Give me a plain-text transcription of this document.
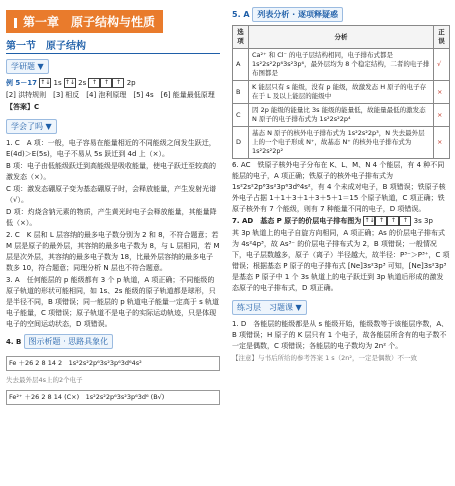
第一章　原子结构与性质
第一节　原子结构
学研题 ▼
例 5－17 ↑↓ 1s ↑↓ 2s ↑	↑	↑ 2p
[2] 洪特规则　[3] 相反　[4] 泡利原理　[5] 4s　[6] 能量最低原理
【答案】C
学会了吗 ▼
1. C　A 项：一般，电子容易在能量相近的不同能级之间发生跃迁，E(4d)＞E(5s)，电子不易从 5s 跃迁到 4d 上（×）。
B 项：电子由低能级跃迁到高能级是吸收能量，使电子跃迁至较高的激发态（×）。
C 项：激发态硼原子变为基态硼原子时，会释放能量，产生发射光谱（√）。
D 项：灼烧含钠元素的物质，产生黄光时电子会释放能量，其能量降低（×）。
2. C　K 层和 L 层容纳的最多电子数分别为 2 和 8，不符合题意；若 M 层是原子的最外层，其容纳的最多电子数为 8，与 L 层相同，若 M 层是次外层，其容纳的最多电子数为 18，比最外层容纳的最多电子数多 10，符合题意；同理分析 N 层也不符合题意。
3. A　任何能层的 p 能级都有 3 个 p 轨道，A 项正确；不同能级的原子轨道的形状可能相同，如 1s、2s 能级的原子轨道都是球形，只是半径不同，B 项错误；同一能层的 p 轨道电子能量一定高于 s 轨道电子能量，C 项错误；原子轨道不是电子的实际运动轨迹，只是体现电子的空间运动状态，D 项错误。
4. B 图示析题 · 思路具象化
Fe ＋26 2 8 14 2　1s²2s²2p⁶3s²3p⁶3d⁶4s²
失去最外层4s上的2个电子
Fe²⁺ ＋26 2 8 14 (C×)　1s²2s²2p⁶3s²3p⁶3d⁶ (B√)
5. A 列表分析 · 逐项释疑惑
选项	分析	正误
A	Ca²⁺ 和 Cl⁻ 的电子层结构相同，电子排布式都是 1s²2s²2p⁶3s²3p⁶，最外层均为 8 个稳定结构，二者的电子排布图都是	√
B	K 能层只有 s 能级，没有 p 能级，故激发态 H 原子的电子存在于 L 及以上能层的能级中	×
C	因 2p 能级的能量比 3s 能级的能量低，故能量最低的激发态 N 原子的电子排布式为 1s²2s²2p⁴	×
D	基态 N 原子的核外电子排布式为 1s²2s²2p³，N 失去最外层上的一个电子形成 N⁺，故基态 N⁺ 的核外电子排布式为 1s²2s²2p²	×
6. AC　铁原子核外电子分布在 K、L、M、N 4 个能层，有 4 种不同能层的电子，A 项正确；铁原子的核外电子排布式为 1s²2s²2p⁶3s²3p⁶3d⁶4s²，有 4 个未成对电子，B 项错误；铁原子核外电子占据 1＋1＋3＋1＋3＋5＋1＝15 个原子轨道，C 项正确；铁原子核外有 7 个能级，则有 7 种能量不同的电子，D 项错误。
7. AD　基态 P 原子的价层电子排布图为 ↑↓ ↑	↑	↑ 3s 3p
其 3p 轨道上的电子自旋方向相同，A 项正确；As 的价层电子排布式为 4s²4p³，故 As³⁻ 的价层电子排布式为 2，B 项错误；一般情况下，电子层数越多，原子（离子）半径越大，故半径：P³⁻＞P³⁺，C 项错误；根据基态 P 原子的电子排布式 [Ne]3s²3p³ 可知，[Ne]3s²3p³ 是基态 P 原子中 1 个 3s 轨道上的电子跃迁到 3p 轨道后形成的激发态原子的电子排布式，D 项正确。
练习层　习题课 ▼
1. D　各能层的能级都是从 s 能级开始，能级数等于该能层序数，A、B 项错误；H 原子的 K 层只有 1 个电子，故各能层所含有的电子数不一定是偶数，C 项错误；各能层的电子数均为 2n² 个。
【注意】与书后所给的参考答案 1 s（2n²，一定是偶数）不一致
